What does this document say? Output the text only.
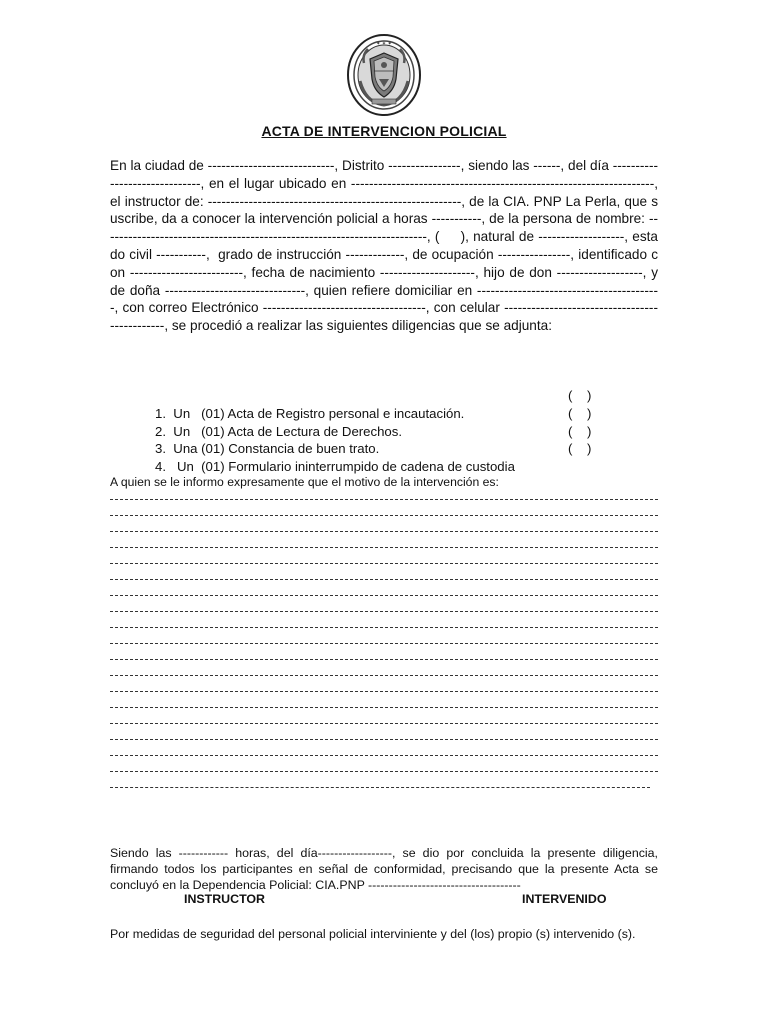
✶ ✶ ✶
ACTA DE INTERVENCION POLICIAL
En la ciudad de ----------------------------, Distrito ----------------, siendo las ------, del día ------------------------------, en el lugar ubicado en -------------------------------------------------------------------, el instructor de: --------------------------------------------------------, de la CIA. PNP La Perla, que suscribe, da a conocer la intervención policial a horas -----------, de la persona de nombre: ------------------------------------------------------------------------, (     ), natural de -------------------, estado civil -----------,  grado de instrucción -------------, de ocupación ----------------, identificado con -------------------------, fecha de nacimiento ---------------------, hijo de don -------------------, y de doña -------------------------------, quien refiere domiciliar en -----------------------------------------, con correo Electrónico ------------------------------------, con celular ----------------------------------------------, se procedió a realizar las siguientes diligencias que se adjunta:

1.  Un   (01) Acta de Registro personal e incautación.

(    )

2.  Un   (01) Acta de Lectura de Derechos.

(    )

3.  Una (01) Constancia de buen trato.

(    )

4.   Un  (01) Formulario ininterrumpido de cadena de custodia

(    )

A quien se le informo expresamente que el motivo de la intervención es:

Siendo las ------------ horas, del día------------------, se dio por concluida la presente diligencia, firmando todos los participantes en señal de conformidad, precisando que la presente Acta se concluyó en la Dependencia Policial: CIA.PNP -------------------------------------

Por medidas de seguridad del personal policial interviniente y del (los) propio (s) intervenido (s).

INSTRUCTOR	INTERVENIDO
